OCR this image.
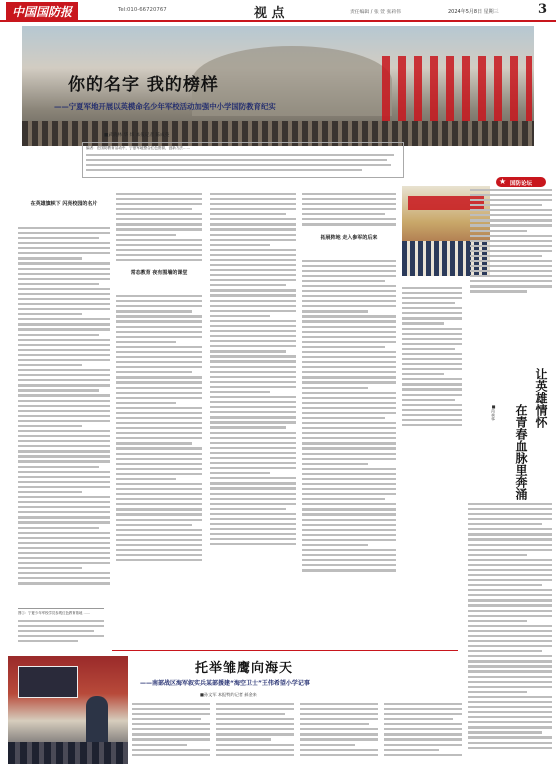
中国国防报	Tel:010-66720767	视 点	责任编辑 / 张 萱 张莉伟	2024年5月8日 星期三	3
你的名字 我的榜样
——宁夏军地开展以英模命名少年军校活动加强中小学国防教育纪实
■武晓林 华 炜 本报记者 陈成英
编者：在国防教育活动中，宁夏军地整合红色资源，创新方法……
在英雄旗帜下 闪亮校园的名片
常态教育 夜有围墙的课堂
拓展阵地 走入参军的后来
★ 国防论坛
让英雄情怀
在青春血脉里奔涌
■肖承华
图①：宁夏少年军校学员参观红色教育基地 ……
托举雏鹰向海天
——南部战区海军叙实兵某部援建“海空卫士”王伟希望小学记事
■孙文军 本报特约记者 郝金来
